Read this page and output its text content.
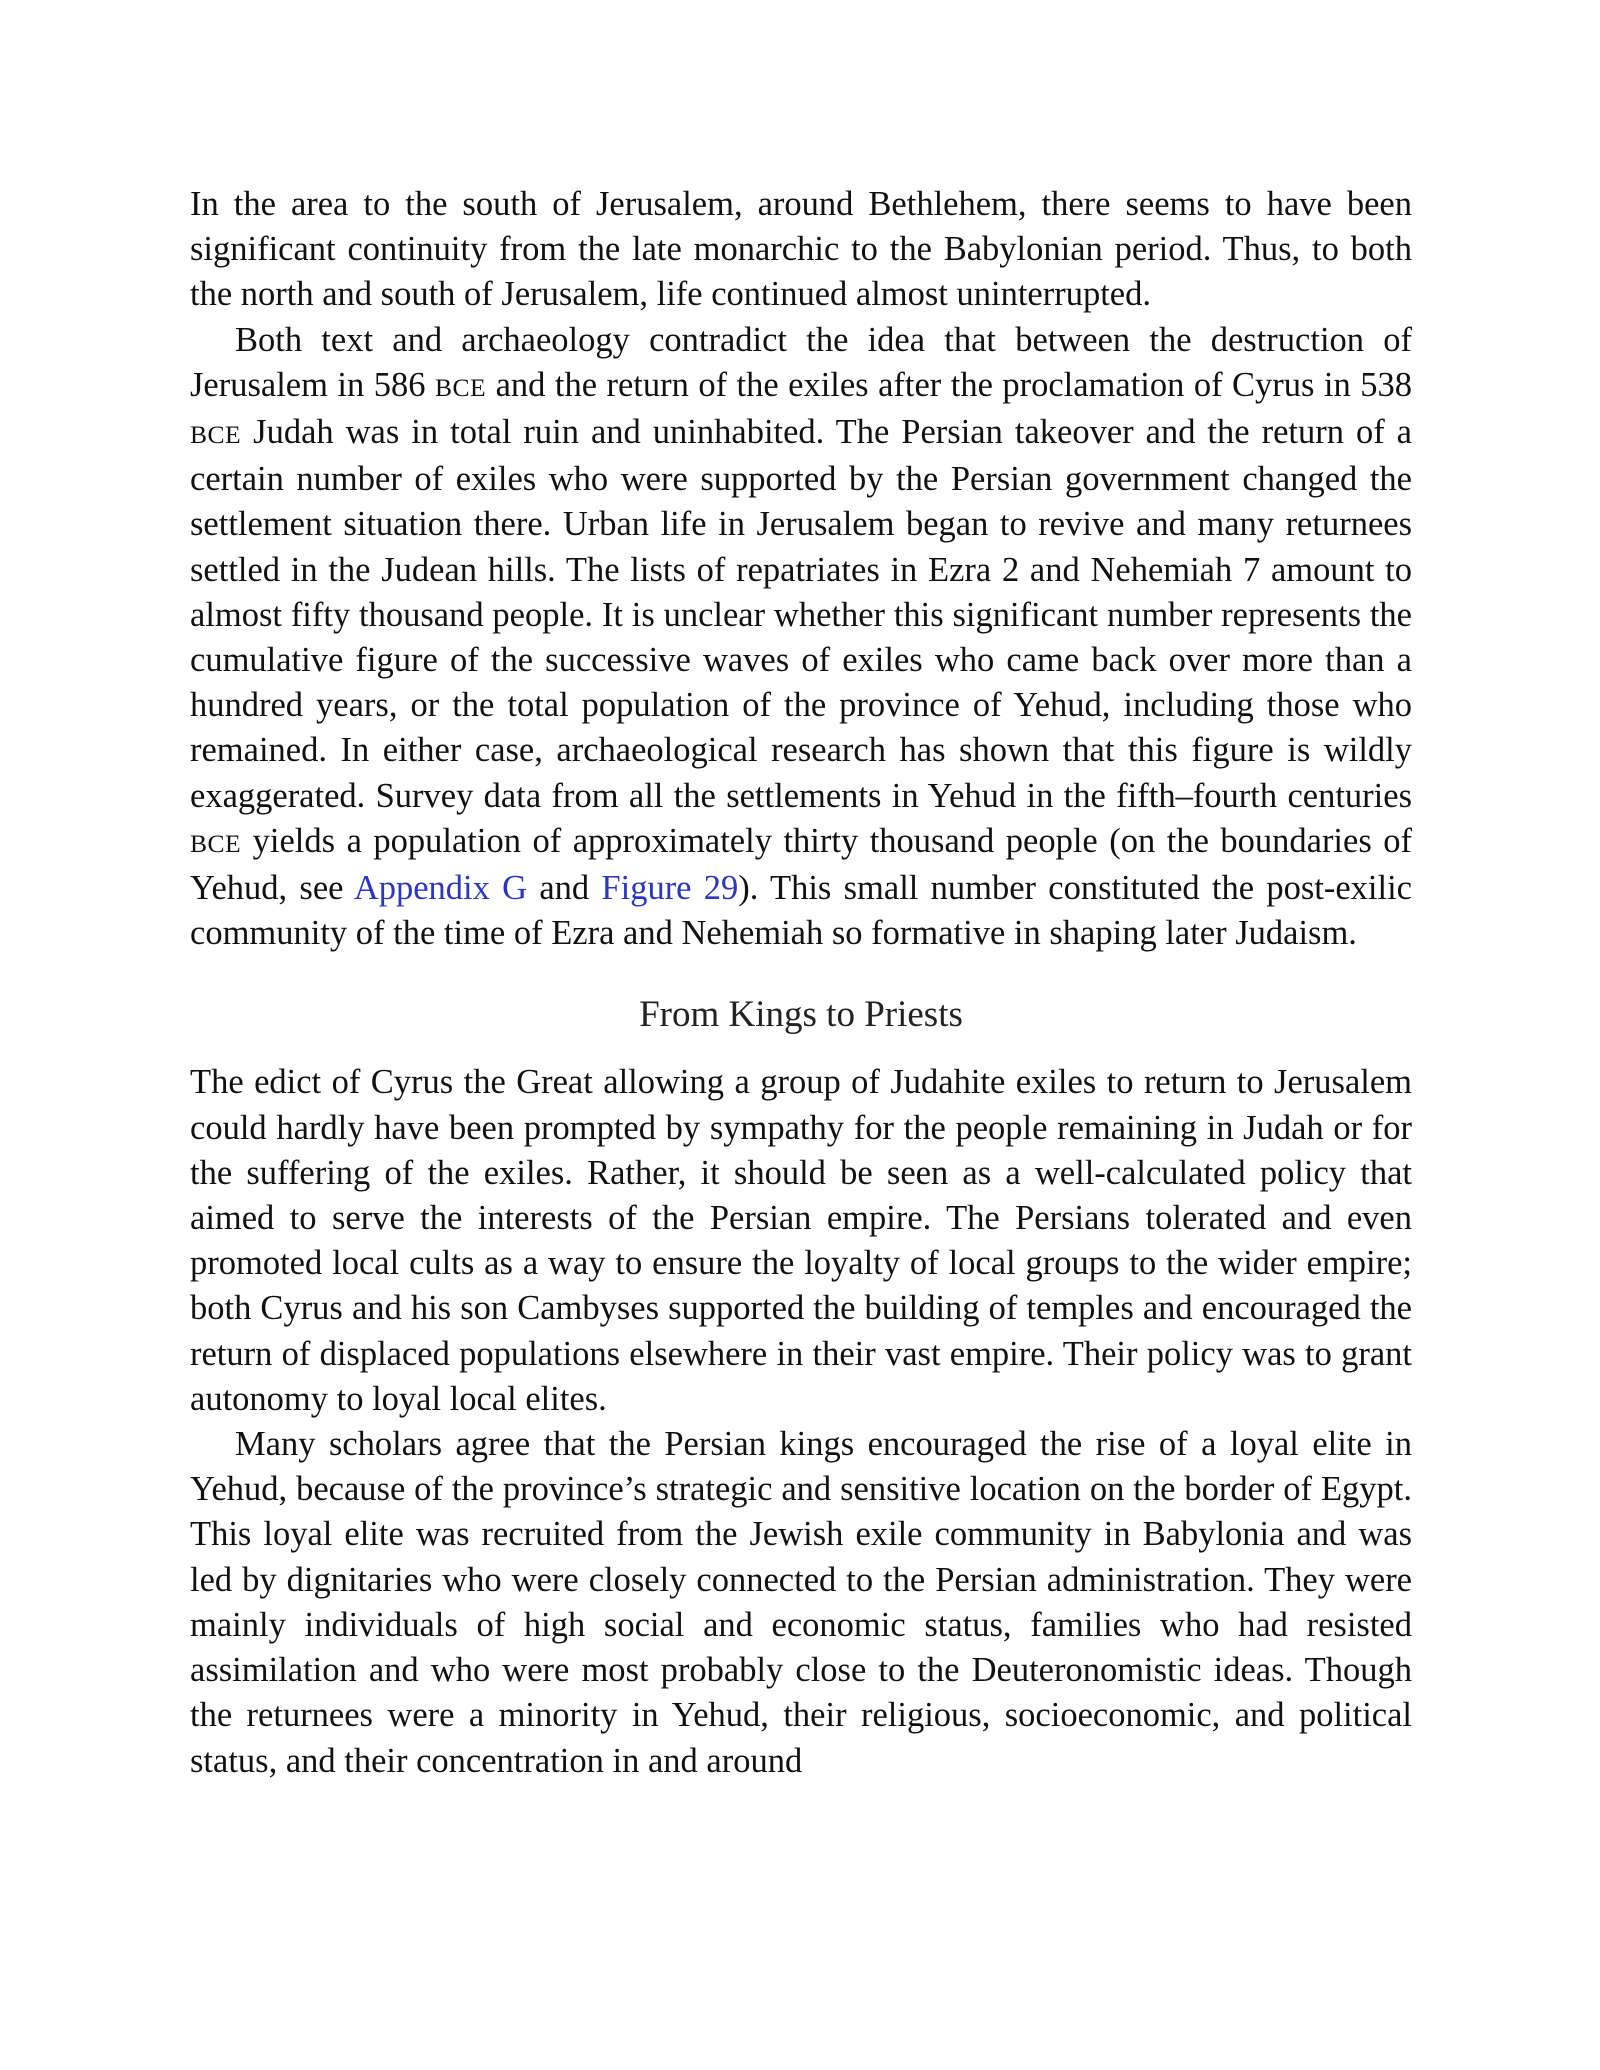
In the area to the south of Jerusalem, around Bethlehem, there seems to have been significant continuity from the late monarchic to the Babylonian period. Thus, to both the north and south of Jerusalem, life continued almost uninterrupted.

Both text and archaeology contradict the idea that between the destruction of Jerusalem in 586 BCE and the return of the exiles after the proclamation of Cyrus in 538 BCE Judah was in total ruin and uninhabited. The Persian takeover and the return of a certain number of exiles who were supported by the Persian government changed the settlement situation there. Urban life in Jerusalem began to revive and many returnees settled in the Judean hills. The lists of repatriates in Ezra 2 and Nehemiah 7 amount to almost fifty thousand people. It is unclear whether this significant number represents the cumulative figure of the successive waves of exiles who came back over more than a hundred years, or the total population of the province of Yehud, including those who remained. In either case, archaeological research has shown that this figure is wildly exaggerated. Survey data from all the settlements in Yehud in the fifth–fourth centuries BCE yields a population of approximately thirty thousand people (on the boundaries of Yehud, see Appendix G and Figure 29). This small number constituted the post-exilic community of the time of Ezra and Nehemiah so formative in shaping later Judaism.

From Kings to Priests

The edict of Cyrus the Great allowing a group of Judahite exiles to return to Jerusalem could hardly have been prompted by sympathy for the people remaining in Judah or for the suffering of the exiles. Rather, it should be seen as a well-calculated policy that aimed to serve the interests of the Persian empire. The Persians tolerated and even promoted local cults as a way to ensure the loyalty of local groups to the wider empire; both Cyrus and his son Cambyses supported the building of temples and encouraged the return of displaced populations elsewhere in their vast empire. Their policy was to grant autonomy to loyal local elites.

Many scholars agree that the Persian kings encouraged the rise of a loyal elite in Yehud, because of the province’s strategic and sensitive location on the border of Egypt. This loyal elite was recruited from the Jewish exile community in Babylonia and was led by dignitaries who were closely connected to the Persian administration. They were mainly individuals of high social and economic status, families who had resisted assimilation and who were most probably close to the Deuteronomistic ideas. Though the returnees were a minority in Yehud, their religious, socioeconomic, and political status, and their concentration in and around
